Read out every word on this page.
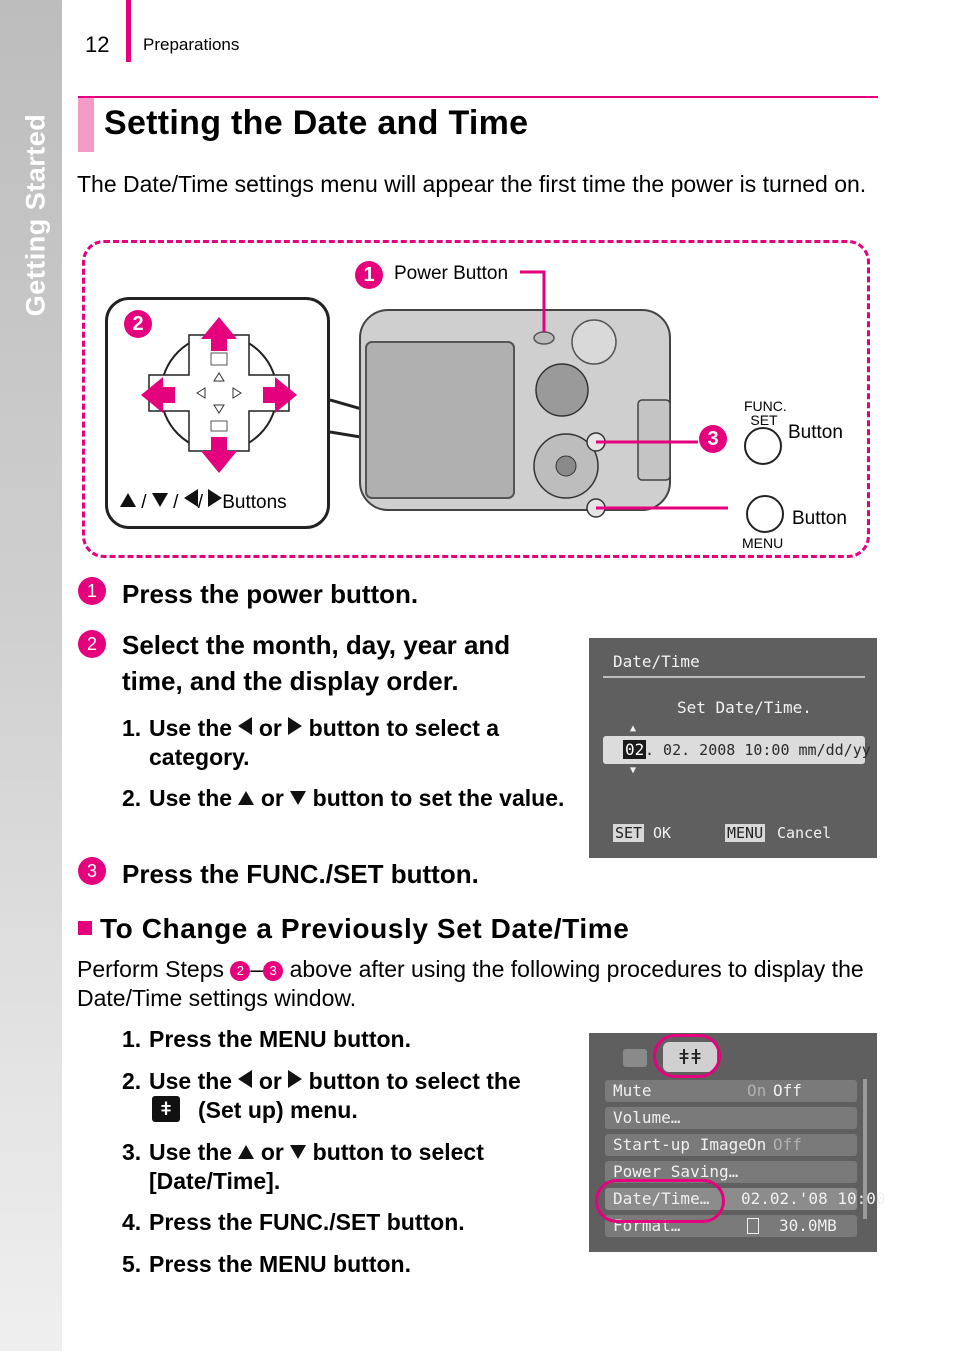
Getting Started
12 Preparations
Setting the Date and Time
The Date/Time settings menu will appear the first time the power is turned on.
2
/  / / Buttons
1	Power Button
3
FUNC.
SET
Button
MENU
Button
1 Press the power button.
2 Select the month, day, year and time, and the display order.
1. Use the or button to select a category.
2. Use the or button to set the value.
3 Press the FUNC./SET button.
Date/Time
Set Date/Time.
▲
02 . 02. 2008 10:00 mm/dd/yy
▼
SET OK	MENU Cancel
To Change a Previously Set Date/Time
Perform Steps 2 – 3 above after using the following procedures to display the Date/Time settings window.
1. Press the MENU button.
2. Use the or button to select the
ǂ	(Set up) menu.
3. Use the or button to select
[Date/Time].
4. Press the FUNC./SET button.
5. Press the MENU button.
ǂǂ
Mute	On Off
Volume…
Start-up Image On Off
Power Saving…
Date/Time… 02.02.'08 10:00
Format…	30.0MB
